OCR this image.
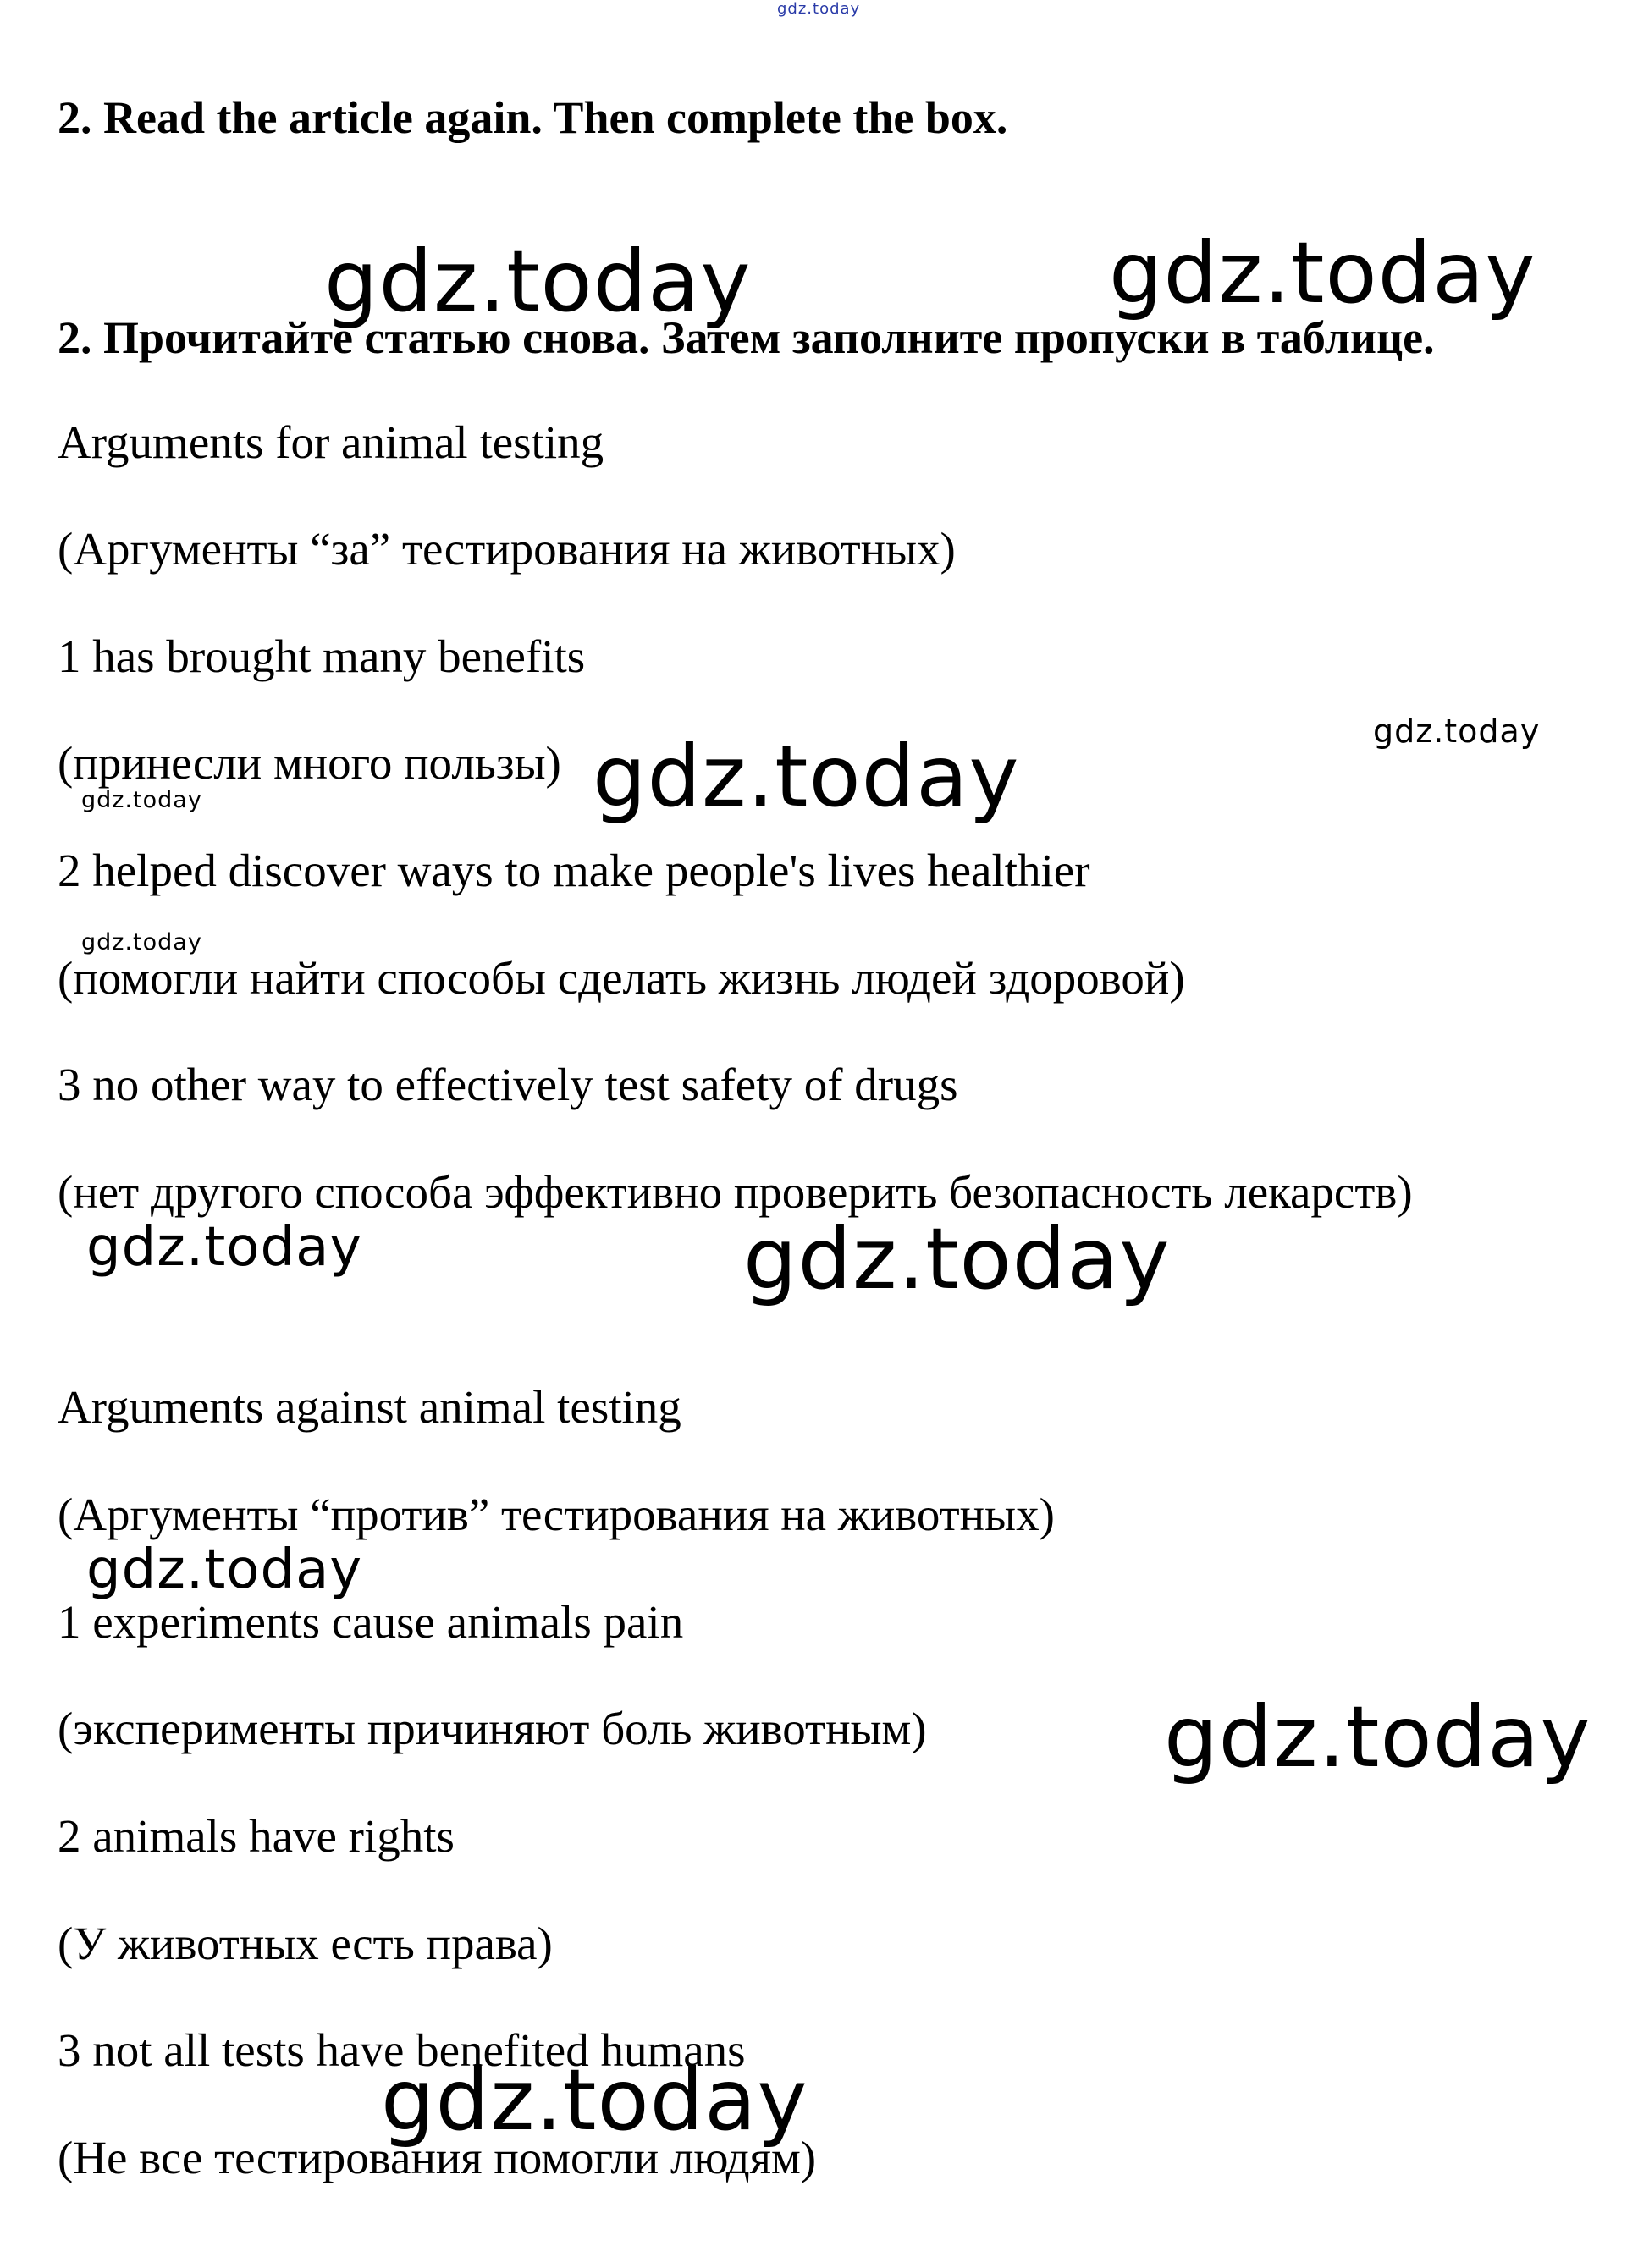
2. Read the article again. Then complete the box.
2. Прочитайте статью снова. Затем заполните пропуски в таблице.
Arguments for animal testing
(Аргументы “за” тестирования на животных)
1 has brought many benefits
(принесли много пользы)
2 helped discover ways to make people's lives healthier
(помогли найти способы сделать жизнь людей здоровой)
3 no other way to effectively test safety of drugs
(нет другого способа эффективно проверить безопасность лекарств)
Arguments against animal testing
(Аргументы “против” тестирования на животных)
1 experiments cause animals pain
(эксперименты причиняют боль животным)
2 animals have rights
(У животных есть права)
3 not all tests have benefited humans
(Не все тестирования помогли людям)
gdz.today
gdz.today	gdz.today
gdz.today
gdz.today
gdz.today
gdz.today
gdz.today	gdz.today
gdz.today
gdz.today
gdz.today
